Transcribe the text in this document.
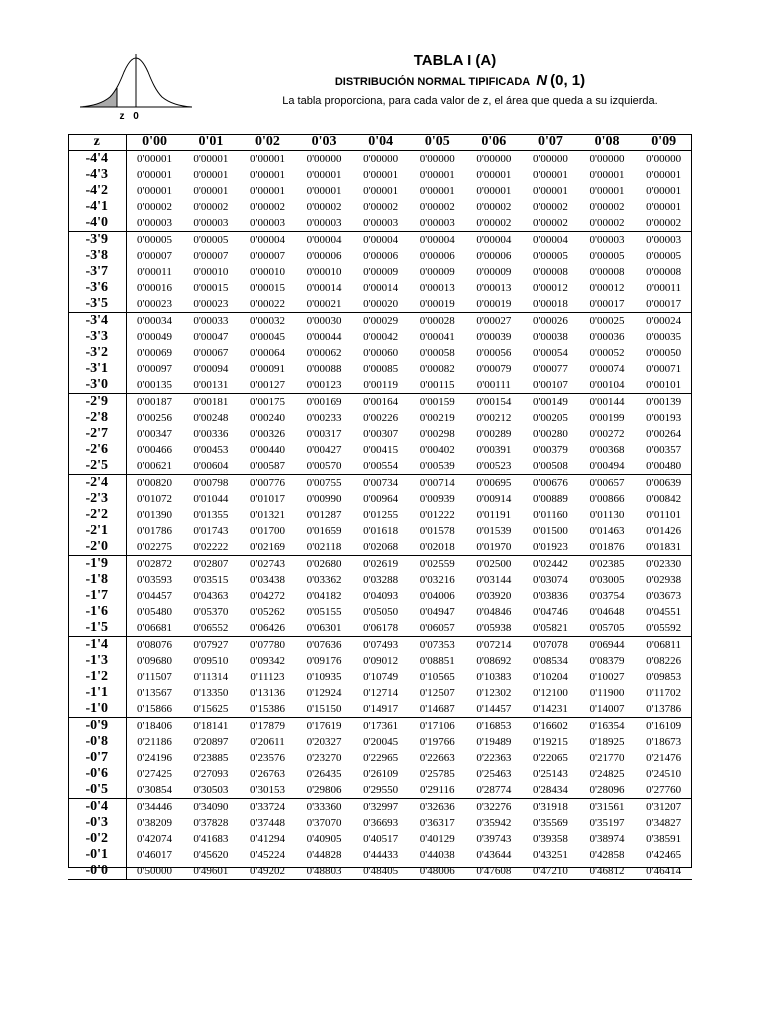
z 0
TABLA I (A)
DISTRIBUCIÓN NORMAL TIPIFICADA N (0, 1)
La tabla proporciona, para cada valor de z, el área que queda a su izquierda.
z	0'00	0'01	0'02	0'03	0'04	0'05	0'06	0'07	0'08	0'09
-4'4	0'00001	0'00001	0'00001	0'00000	0'00000	0'00000	0'00000	0'00000	0'00000	0'00000
-4'3	0'00001	0'00001	0'00001	0'00001	0'00001	0'00001	0'00001	0'00001	0'00001	0'00001
-4'2	0'00001	0'00001	0'00001	0'00001	0'00001	0'00001	0'00001	0'00001	0'00001	0'00001
-4'1	0'00002	0'00002	0'00002	0'00002	0'00002	0'00002	0'00002	0'00002	0'00002	0'00001
-4'0	0'00003	0'00003	0'00003	0'00003	0'00003	0'00003	0'00002	0'00002	0'00002	0'00002
-3'9	0'00005	0'00005	0'00004	0'00004	0'00004	0'00004	0'00004	0'00004	0'00003	0'00003
-3'8	0'00007	0'00007	0'00007	0'00006	0'00006	0'00006	0'00006	0'00005	0'00005	0'00005
-3'7	0'00011	0'00010	0'00010	0'00010	0'00009	0'00009	0'00009	0'00008	0'00008	0'00008
-3'6	0'00016	0'00015	0'00015	0'00014	0'00014	0'00013	0'00013	0'00012	0'00012	0'00011
-3'5	0'00023	0'00023	0'00022	0'00021	0'00020	0'00019	0'00019	0'00018	0'00017	0'00017
-3'4	0'00034	0'00033	0'00032	0'00030	0'00029	0'00028	0'00027	0'00026	0'00025	0'00024
-3'3	0'00049	0'00047	0'00045	0'00044	0'00042	0'00041	0'00039	0'00038	0'00036	0'00035
-3'2	0'00069	0'00067	0'00064	0'00062	0'00060	0'00058	0'00056	0'00054	0'00052	0'00050
-3'1	0'00097	0'00094	0'00091	0'00088	0'00085	0'00082	0'00079	0'00077	0'00074	0'00071
-3'0	0'00135	0'00131	0'00127	0'00123	0'00119	0'00115	0'00111	0'00107	0'00104	0'00101
-2'9	0'00187	0'00181	0'00175	0'00169	0'00164	0'00159	0'00154	0'00149	0'00144	0'00139
-2'8	0'00256	0'00248	0'00240	0'00233	0'00226	0'00219	0'00212	0'00205	0'00199	0'00193
-2'7	0'00347	0'00336	0'00326	0'00317	0'00307	0'00298	0'00289	0'00280	0'00272	0'00264
-2'6	0'00466	0'00453	0'00440	0'00427	0'00415	0'00402	0'00391	0'00379	0'00368	0'00357
-2'5	0'00621	0'00604	0'00587	0'00570	0'00554	0'00539	0'00523	0'00508	0'00494	0'00480
-2'4	0'00820	0'00798	0'00776	0'00755	0'00734	0'00714	0'00695	0'00676	0'00657	0'00639
-2'3	0'01072	0'01044	0'01017	0'00990	0'00964	0'00939	0'00914	0'00889	0'00866	0'00842
-2'2	0'01390	0'01355	0'01321	0'01287	0'01255	0'01222	0'01191	0'01160	0'01130	0'01101
-2'1	0'01786	0'01743	0'01700	0'01659	0'01618	0'01578	0'01539	0'01500	0'01463	0'01426
-2'0	0'02275	0'02222	0'02169	0'02118	0'02068	0'02018	0'01970	0'01923	0'01876	0'01831
-1'9	0'02872	0'02807	0'02743	0'02680	0'02619	0'02559	0'02500	0'02442	0'02385	0'02330
-1'8	0'03593	0'03515	0'03438	0'03362	0'03288	0'03216	0'03144	0'03074	0'03005	0'02938
-1'7	0'04457	0'04363	0'04272	0'04182	0'04093	0'04006	0'03920	0'03836	0'03754	0'03673
-1'6	0'05480	0'05370	0'05262	0'05155	0'05050	0'04947	0'04846	0'04746	0'04648	0'04551
-1'5	0'06681	0'06552	0'06426	0'06301	0'06178	0'06057	0'05938	0'05821	0'05705	0'05592
-1'4	0'08076	0'07927	0'07780	0'07636	0'07493	0'07353	0'07214	0'07078	0'06944	0'06811
-1'3	0'09680	0'09510	0'09342	0'09176	0'09012	0'08851	0'08692	0'08534	0'08379	0'08226
-1'2	0'11507	0'11314	0'11123	0'10935	0'10749	0'10565	0'10383	0'10204	0'10027	0'09853
-1'1	0'13567	0'13350	0'13136	0'12924	0'12714	0'12507	0'12302	0'12100	0'11900	0'11702
-1'0	0'15866	0'15625	0'15386	0'15150	0'14917	0'14687	0'14457	0'14231	0'14007	0'13786
-0'9	0'18406	0'18141	0'17879	0'17619	0'17361	0'17106	0'16853	0'16602	0'16354	0'16109
-0'8	0'21186	0'20897	0'20611	0'20327	0'20045	0'19766	0'19489	0'19215	0'18925	0'18673
-0'7	0'24196	0'23885	0'23576	0'23270	0'22965	0'22663	0'22363	0'22065	0'21770	0'21476
-0'6	0'27425	0'27093	0'26763	0'26435	0'26109	0'25785	0'25463	0'25143	0'24825	0'24510
-0'5	0'30854	0'30503	0'30153	0'29806	0'29550	0'29116	0'28774	0'28434	0'28096	0'27760
-0'4	0'34446	0'34090	0'33724	0'33360	0'32997	0'32636	0'32276	0'31918	0'31561	0'31207
-0'3	0'38209	0'37828	0'37448	0'37070	0'36693	0'36317	0'35942	0'35569	0'35197	0'34827
-0'2	0'42074	0'41683	0'41294	0'40905	0'40517	0'40129	0'39743	0'39358	0'38974	0'38591
-0'1	0'46017	0'45620	0'45224	0'44828	0'44433	0'44038	0'43644	0'43251	0'42858	0'42465
-0'0	0'50000	0'49601	0'49202	0'48803	0'48405	0'48006	0'47608	0'47210	0'46812	0'46414
